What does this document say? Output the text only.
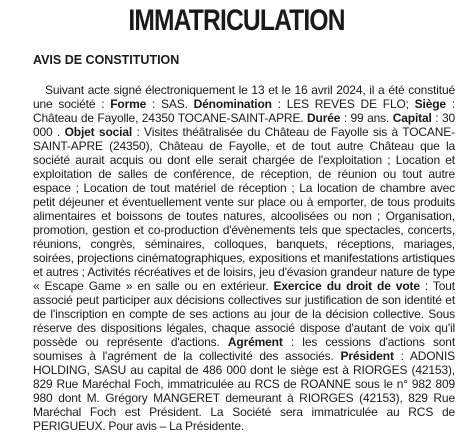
IMMATRICULATION
AVIS DE CONSTITUTION
Suivant acte signé électroniquement le 13 et le 16 avril 2024, il a été constitué une société : Forme : SAS. Dénomination : LES REVES DE FLO; Siège : Château de Fayolle, 24350 TOCANE-SAINT-APRE. Durée : 99 ans. Capital : 30 000 . Objet social : Visites théâtralisée du Château de Fayolle sis à TOCANE-SAINT-APRE (24350), Château de Fayolle, et de tout autre Château que la société aurait acquis ou dont elle serait chargée de l'exploitation ; Location et exploitation de salles de conférence, de réception, de réunion ou tout autre espace ; Location de tout matériel de réception ; La location de chambre avec petit déjeuner et éventuellement vente sur place ou à emporter, de tous produits alimentaires et boissons de toutes natures, alcoolisées ou non ; Organisation, promotion, gestion et co-production d'évènements tels que spectacles, concerts, réunions, congrès, séminaires, colloques, banquets, réceptions, mariages, soirées, projections cinématographiques, expositions et manifestations artistiques et autres ; Activités récréatives et de loisirs, jeu d'évasion grandeur nature de type « Escape Game » en salle ou en extérieur. Exercice du droit de vote : Tout associé peut participer aux décisions collectives sur justification de son identité et de l'inscription en compte de ses actions au jour de la décision collective. Sous réserve des dispositions légales, chaque associé dispose d'autant de voix qu'il possède ou représente d'actions. Agrément : les cessions d'actions sont soumises à l'agrément de la collectivité des associés. Président : ADONIS HOLDING, SASU au capital de 486 000 dont le siège est à RIORGES (42153), 829 Rue Maréchal Foch, immatriculée au RCS de ROANNE sous le n° 982 809 980 dont M. Grégory MANGERET demeurant à RIORGES (42153), 829 Rue Maréchal Foch est Président. La Société sera immatriculée au RCS de PERIGUEUX. Pour avis – La Présidente.
